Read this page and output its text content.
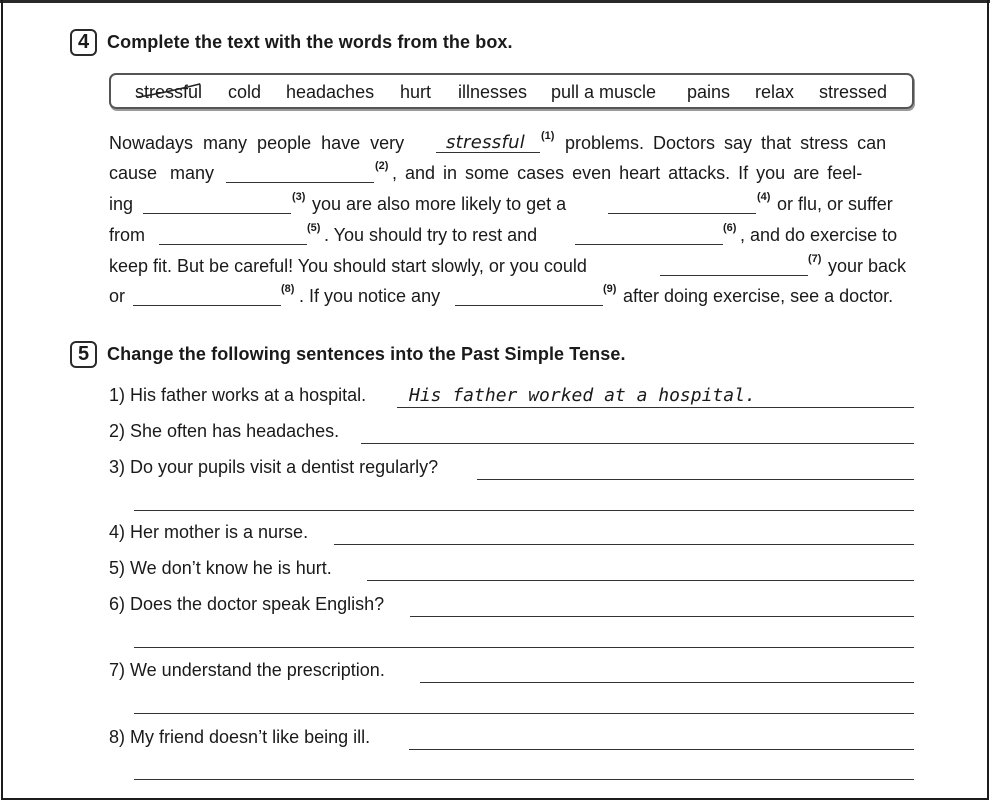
4 Complete the text with the words from the box.
stressful cold headaches hurt illnesses pull a muscle pains relax stressed
Nowadays many people have very stressful (1) problems. Doctors say that stress can
cause many	(2) , and in some cases even heart attacks. If you are feel-
ing	(3) you are also more likely to get a	(4) or flu, or suffer
from	(5) . You should try to rest and	(6) , and do exercise to
keep fit. But be careful! You should start slowly, or you could	(7) your back
or	(8) . If you notice any	(9) after doing exercise, see a doctor.
5 Change the following sentences into the Past Simple Tense.
1) His father works at a hospital. His father worked at a hospital.
2) She often has headaches.
3) Do your pupils visit a dentist regularly?
4) Her mother is a nurse.
5) We don’t know he is hurt.
6) Does the doctor speak English?
7) We understand the prescription.
8) My friend doesn’t like being ill.
